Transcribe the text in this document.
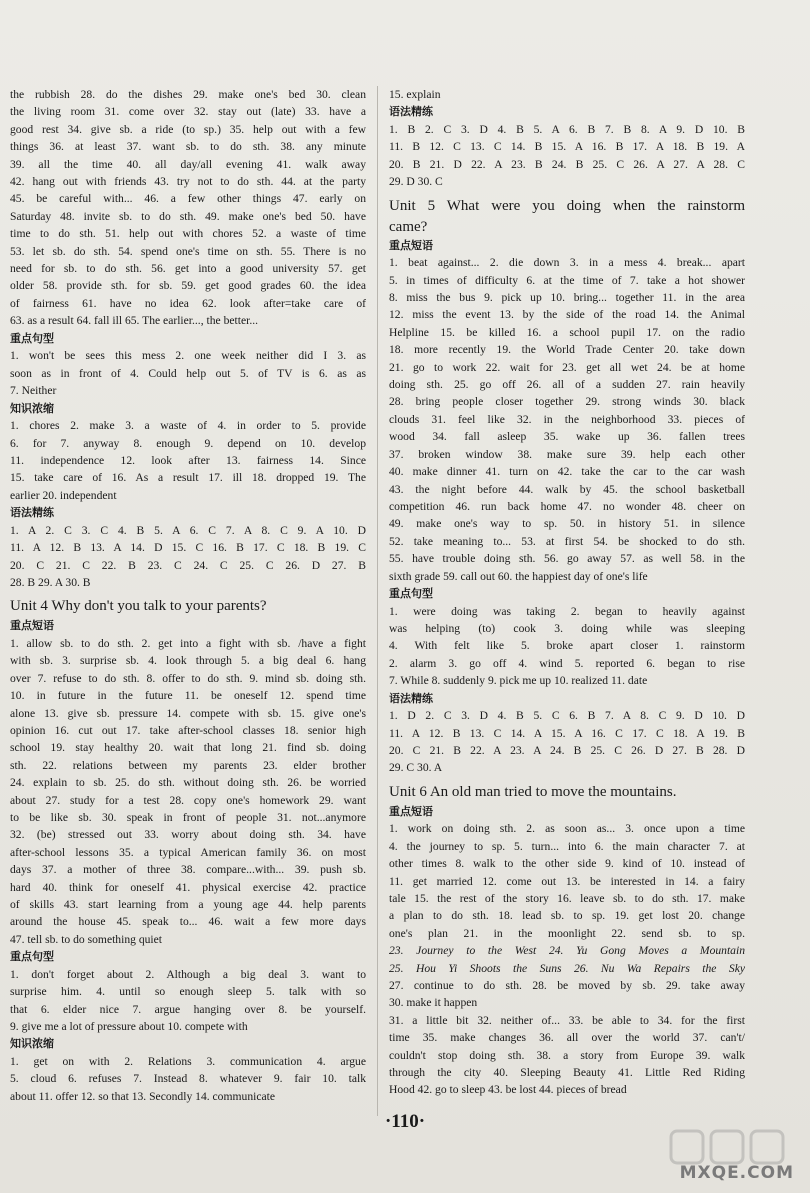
the rubbish 28. do the dishes 29. make one's bed 30. clean
the living room 31. come over 32. stay out (late) 33. have a
good rest 34. give sb. a ride (to sp.) 35. help out with a few
things 36. at least 37. want sb. to do sth. 38. any minute
39. all the time 40. all day/all evening 41. walk away
42. hang out with friends 43. try not to do sth. 44. at the party
45. be careful with... 46. a few other things 47. early on
Saturday 48. invite sb. to do sth. 49. make one's bed 50. have
time to do sth. 51. help out with chores 52. a waste of time
53. let sb. do sth. 54. spend one's time on sth. 55. There is no
need for sb. to do sth. 56. get into a good university 57. get
older 58. provide sth. for sb. 59. get good grades 60. the idea
of fairness 61. have no idea 62. look after=take care of
63. as a result 64. fall ill 65. The earlier..., the better...
重点句型
1. won't be sees this mess 2. one week neither did I 3. as
soon as in front of 4. Could help out 5. of TV is 6. as as
7. Neither
知识浓缩
1. chores 2. make 3. a waste of 4. in order to 5. provide
6. for 7. anyway 8. enough 9. depend on 10. develop
11. independence 12. look after 13. fairness 14. Since
15. take care of 16. As a result 17. ill 18. dropped 19. The
earlier 20. independent
语法精练
1. A 2. C 3. C 4. B 5. A 6. C 7. A 8. C 9. A 10. D
11. A 12. B 13. A 14. D 15. C 16. B 17. C 18. B 19. C
20. C 21. C 22. B 23. C 24. C 25. C 26. D 27. B
28. B 29. A 30. B
Unit 4 Why don't you talk to your parents?
重点短语
1. allow sb. to do sth. 2. get into a fight with sb. /have a fight
with sb. 3. surprise sb. 4. look through 5. a big deal 6. hang
over 7. refuse to do sth. 8. offer to do sth. 9. mind sb. doing sth.
10. in future in the future 11. be oneself 12. spend time
alone 13. give sb. pressure 14. compete with sb. 15. give one's
opinion 16. cut out 17. take after-school classes 18. senior high
school 19. stay healthy 20. wait that long 21. find sb. doing
sth. 22. relations between my parents 23. elder brother
24. explain to sb. 25. do sth. without doing sth. 26. be worried
about 27. study for a test 28. copy one's homework 29. want
to be like sb. 30. speak in front of people 31. not...anymore
32. (be) stressed out 33. worry about doing sth. 34. have
after-school lessons 35. a typical American family 36. on most
days 37. a mother of three 38. compare...with... 39. push sb.
hard 40. think for oneself 41. physical exercise 42. practice
of skills 43. start learning from a young age 44. help parents
around the house 45. speak to... 46. wait a few more days
47. tell sb. to do something quiet
重点句型
1. don't forget about 2. Although a big deal 3. want to
surprise him. 4. until so enough sleep 5. talk with so
that 6. elder nice 7. argue hanging over 8. be yourself.
9. give me a lot of pressure about 10. compete with
知识浓缩
1. get on with 2. Relations 3. communication 4. argue
5. cloud 6. refuses 7. Instead 8. whatever 9. fair 10. talk
about 11. offer 12. so that 13. Secondly 14. communicate
15. explain
语法精练
1. B 2. C 3. D 4. B 5. A 6. B 7. B 8. A 9. D 10. B
11. B 12. C 13. C 14. B 15. A 16. B 17. A 18. B 19. A
20. B 21. D 22. A 23. B 24. B 25. C 26. A 27. A 28. C
29. D 30. C
Unit 5 What were you doing when the rainstorm
came?
重点短语
1. beat against... 2. die down 3. in a mess 4. break... apart
5. in times of difficulty 6. at the time of 7. take a hot shower
8. miss the bus 9. pick up 10. bring... together 11. in the area
12. miss the event 13. by the side of the road 14. the Animal
Helpline 15. be killed 16. a school pupil 17. on the radio
18. more recently 19. the World Trade Center 20. take down
21. go to work 22. wait for 23. get all wet 24. be at home
doing sth. 25. go off 26. all of a sudden 27. rain heavily
28. bring people closer together 29. strong winds 30. black
clouds 31. feel like 32. in the neighborhood 33. pieces of
wood 34. fall asleep 35. wake up 36. fallen trees
37. broken window 38. make sure 39. help each other
40. make dinner 41. turn on 42. take the car to the car wash
43. the night before 44. walk by 45. the school basketball
competition 46. run back home 47. no wonder 48. cheer on
49. make one's way to sp. 50. in history 51. in silence
52. take meaning to... 53. at first 54. be shocked to do sth.
55. have trouble doing sth. 56. go away 57. as well 58. in the
sixth grade 59. call out 60. the happiest day of one's life
重点句型
1. were doing was taking 2. began to heavily against
was helping (to) cook 3. doing while was sleeping
4. With felt like 5. broke apart closer 1. rainstorm
2. alarm 3. go off 4. wind 5. reported 6. began to rise
7. While 8. suddenly 9. pick me up 10. realized 11. date
语法精练
1. D 2. C 3. D 4. B 5. C 6. B 7. A 8. C 9. D 10. D
11. A 12. B 13. C 14. A 15. A 16. C 17. C 18. A 19. B
20. C 21. B 22. A 23. A 24. B 25. C 26. D 27. B 28. D
29. C 30. A
Unit 6 An old man tried to move the mountains.
重点短语
1. work on doing sth. 2. as soon as... 3. once upon a time
4. the journey to sp. 5. turn... into 6. the main character 7. at
other times 8. walk to the other side 9. kind of 10. instead of
11. get married 12. come out 13. be interested in 14. a fairy
tale 15. the rest of the story 16. leave sb. to do sth. 17. make
a plan to do sth. 18. lead sb. to sp. 19. get lost 20. change
one's plan 21. in the moonlight 22. send sb. to sp.
23. Journey to the West 24. Yu Gong Moves a Mountain
25. Hou Yi Shoots the Suns 26. Nu Wa Repairs the Sky
27. continue to do sth. 28. be moved by sb. 29. take away
30. make it happen
31. a little bit 32. neither of... 33. be able to 34. for the first
time 35. make changes 36. all over the world 37. can't/
couldn't stop doing sth. 38. a story from Europe 39. walk
through the city 40. Sleeping Beauty 41. Little Red Riding
Hood 42. go to sleep 43. be lost 44. pieces of bread
·110·
MXQE.COM
